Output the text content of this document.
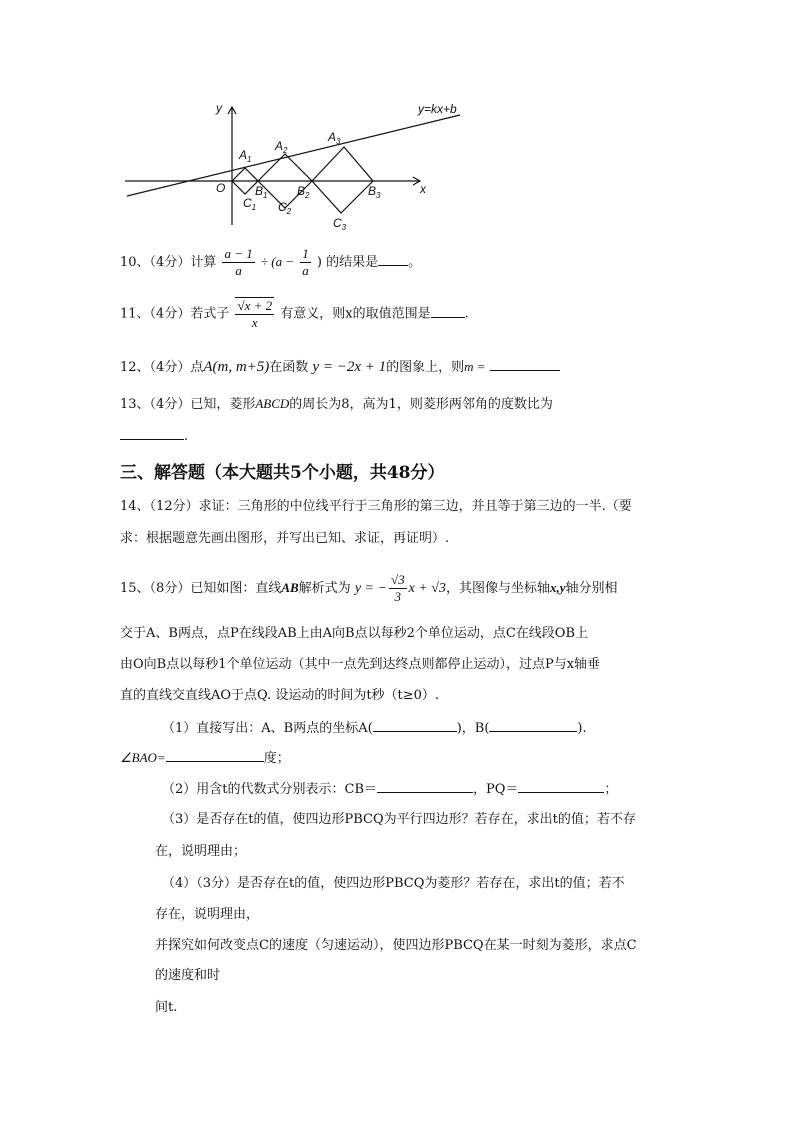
y=kx+b
y
x
O
$A_1$
$A_2$
$A_3$
$B_1$ $B_2$	$B_3$
$C_1$ $C_2$
$C_3$
10、（4分）计算 $\frac{a - 1}{a} \div (a - \frac{1}{a}$ ) 的结果是 。
11、（4分）若式子 $\frac{√x + 2}{x}$ 有意义，则x的取值范围是	.
12、（4分）点A(m, m+5)在函数 y = −2x + 1的图象上，则m =
13、（4分）已知，菱形ABCD的周长为8，高为1，则菱形两邻角的度数比为
.
三、解答题（本大题共5个小题，共48分）
14、（12分）求证：三角形的中位线平行于三角形的第三边，并且等于第三边的一半.（要
求：根据题意先画出图形，并写出已知、求证，再证明）.
15、（8分）已知如图：直线AB解析式为 y = − $\frac{√3}{3}$ x + √3，其图像与坐标轴x,y轴分别相
交于A、B两点，点P在线段AB上由A向B点以每秒2个单位运动，点C在线段OB上
由O向B点以每秒1个单位运动（其中一点先到达终点则都停止运动），过点P与x轴垂
直的直线交直线AO于点Q. 设运动的时间为t秒（t≥0）.
（1）直接写出：A、B两点的坐标A(	)，B(	).
∠BAO=	度；
（2）用含t的代数式分别表示：CB＝	，PQ＝	；
（3）是否存在t的值，使四边形PBCQ为平行四边形？若存在，求出t的值；若不存
在，说明理由；
（4）（3分）是否存在t的值，使四边形PBCQ为菱形？若存在，求出t的值；若不
存在，说明理由，
并探究如何改变点C的速度（匀速运动），使四边形PBCQ在某一时刻为菱形，求点C
的速度和时
间t.
